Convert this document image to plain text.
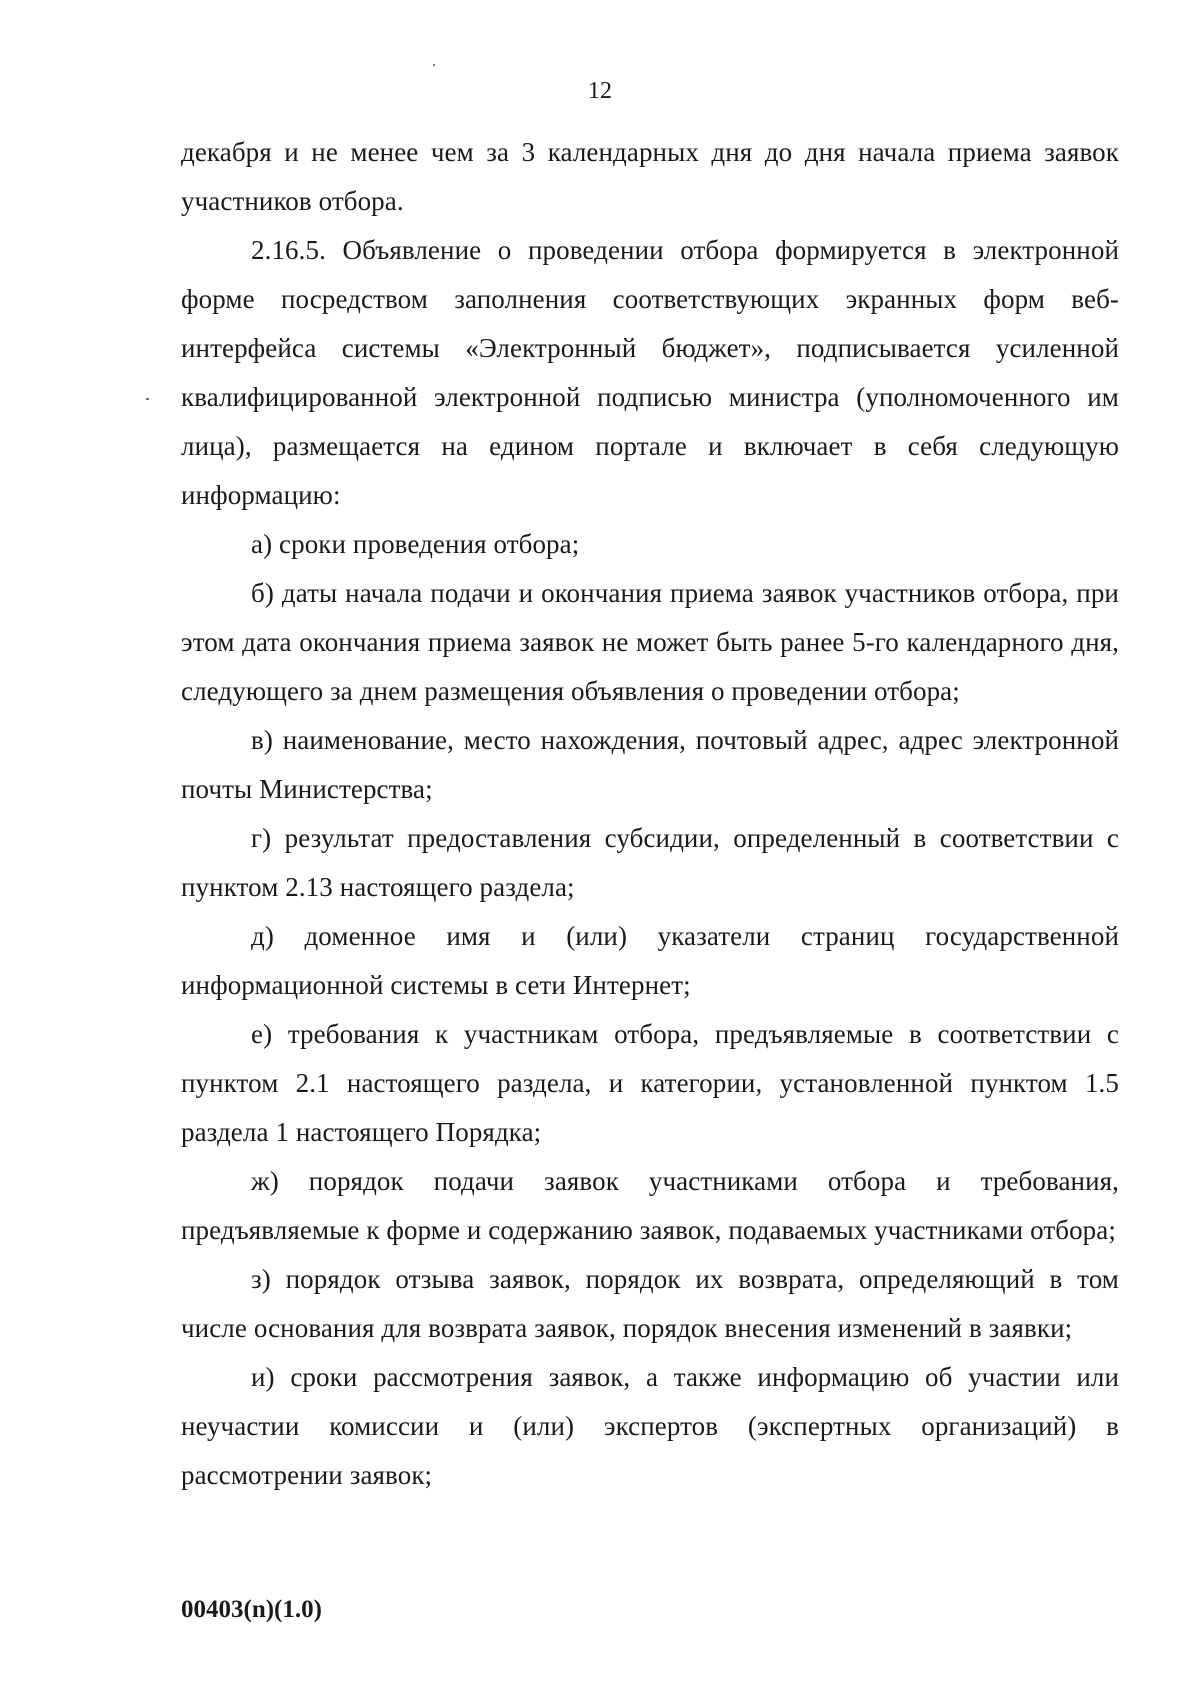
12

декабря и не менее чем за 3 календарных дня до дня начала приема заявок участников отбора.

2.16.5. Объявление о проведении отбора формируется в электронной форме посредством заполнения соответствующих экранных форм веб-интерфейса системы «Электронный бюджет», подписывается усиленной квалифицированной электронной подписью министра (уполномоченного им лица), размещается на едином портале и включает в себя следующую информацию:

а) сроки проведения отбора;

б) даты начала подачи и окончания приема заявок участников отбора, при этом дата окончания приема заявок не может быть ранее 5-го календарного дня, следующего за днем размещения объявления о проведении отбора;

в) наименование, место нахождения, почтовый адрес, адрес электронной почты Министерства;

г) результат предоставления субсидии, определенный в соответствии с пунктом 2.13 настоящего раздела;

д) доменное имя и (или) указатели страниц государственной информационной системы в сети Интернет;

е) требования к участникам отбора, предъявляемые в соответствии с пунктом 2.1 настоящего раздела, и категории, установленной пунктом 1.5 раздела 1 настоящего Порядка;

ж) порядок подачи заявок участниками отбора и требования, предъявляемые к форме и содержанию заявок, подаваемых участниками отбора;

з) порядок отзыва заявок, порядок их возврата, определяющий в том числе основания для возврата заявок, порядок внесения изменений в заявки;

и) сроки рассмотрения заявок, а также информацию об участии или неучастии комиссии и (или) экспертов (экспертных организаций) в рассмотрении заявок;

00403(n)(1.0)
